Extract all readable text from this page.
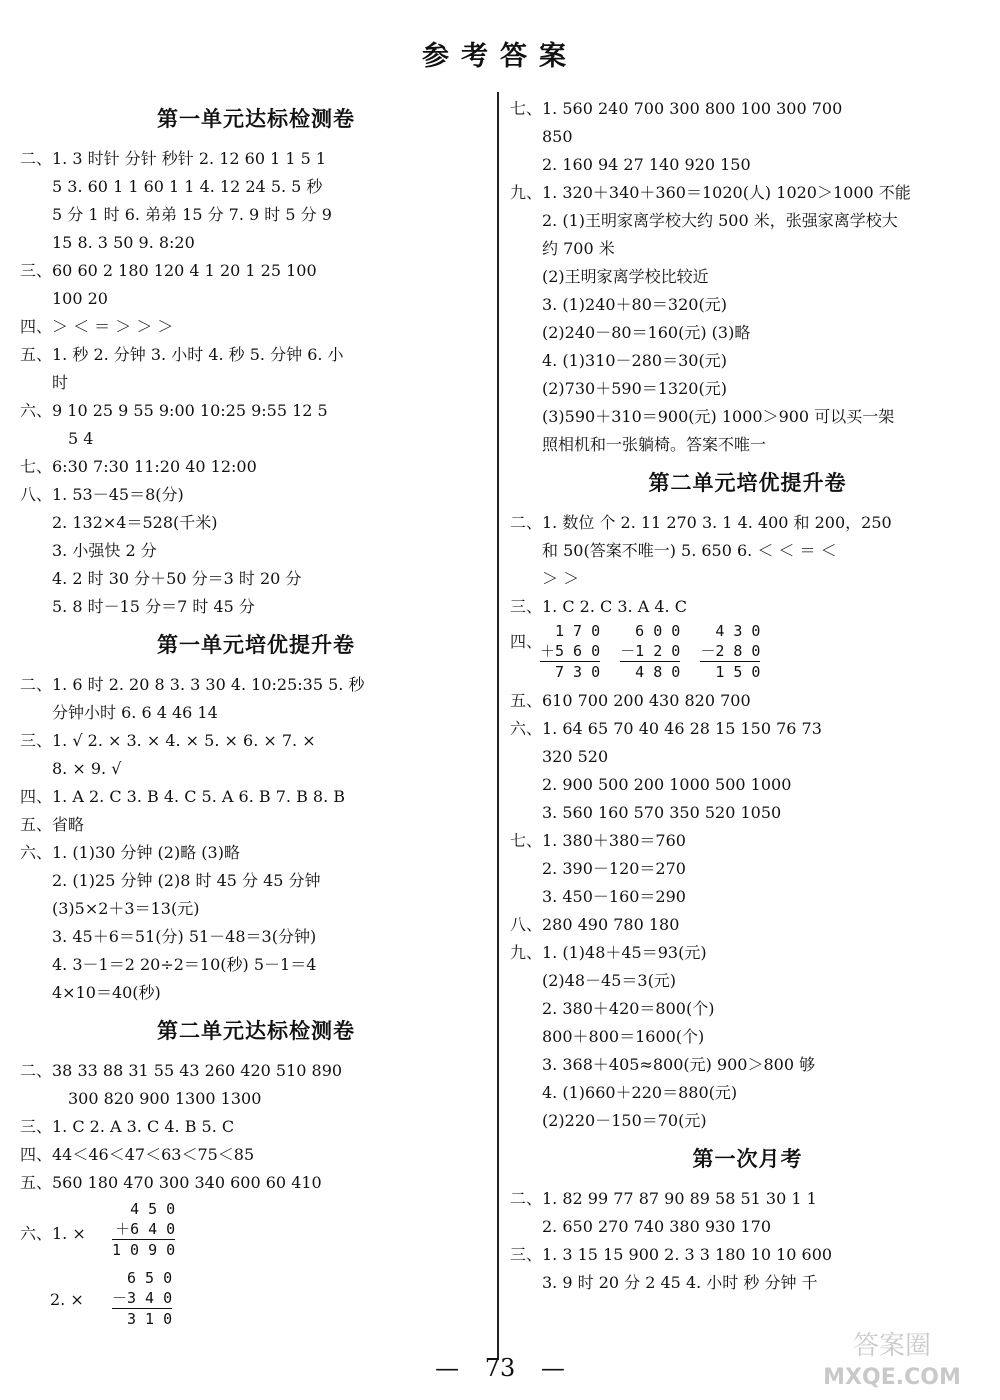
参考答案
第一单元达标检测卷
二、1. 3 时针 分针 秒针 2. 12 60 1 1 5 1
5 3. 60 1 1 60 1 1 4. 12 24 5. 5 秒
5 分 1 时 6. 弟弟 15 分 7. 9 时 5 分 9
15 8. 3 50 9. 8:20
三、60 60 2 180 120 4 1 20 1 25 100
100 20
四、＞ ＜ ＝ ＞ ＞ ＞
五、1. 秒 2. 分钟 3. 小时 4. 秒 5. 分钟 6. 小
时
六、9 10 25 9 55 9:00 10:25 9:55 12 5
5 4
七、6:30 7:30 11:20 40 12:00
八、1. 53－45＝8(分)
2. 132×4＝528(千米)
3. 小强快 2 分
4. 2 时 30 分＋50 分＝3 时 20 分
5. 8 时－15 分＝7 时 45 分
第一单元培优提升卷
二、1. 6 时 2. 20 8 3. 3 30 4. 10:25:35 5. 秒
分钟小时 6. 6 4 46 14
三、1. √ 2. × 3. × 4. × 5. × 6. × 7. ×
8. × 9. √
四、1. A 2. C 3. B 4. C 5. A 6. B 7. B 8. B
五、省略
六、1. (1)30 分钟 (2)略 (3)略
2. (1)25 分钟 (2)8 时 45 分 45 分钟
(3)5×2＋3＝13(元)
3. 45＋6＝51(分) 51－48＝3(分钟)
4. 3－1＝2 20÷2＝10(秒) 5－1＝4
4×10＝40(秒)
第二单元达标检测卷
二、38 33 88 31 55 43 260 420 510 890
300 820 900 1300 1300
三、1. C 2. A 3. C 4. B 5. C
四、44＜46＜47＜63＜75＜85
五、560 180 470 300 340 600 60 410
六、1. ×
4 5 0
＋6 4 0
1 0 9 0
2. ×
6 5 0
－3 4 0
3 1 0
七、1. 560 240 700 300 800 100 300 700
850
2. 160 94 27 140 920 150
九、1. 320＋340＋360＝1020(人) 1020＞1000 不能
2. (1)王明家离学校大约 500 米，张强家离学校大
约 700 米
(2)王明家离学校比较近
3. (1)240＋80＝320(元)
(2)240－80＝160(元) (3)略
4. (1)310－280＝30(元)
(2)730＋590＝1320(元)
(3)590＋310＝900(元) 1000＞900 可以买一架
照相机和一张躺椅。答案不唯一
第二单元培优提升卷
二、1. 数位 个 2. 11 270 3. 1 4. 400 和 200，250
和 50(答案不唯一) 5. 650 6. ＜ ＜ ＝ ＜
＞ ＞
三、1. C 2. C 3. A 4. C
四、
1 7 0
＋5 6 0
7 3 0
6 0 0
－1 2 0
4 8 0
4 3 0
－2 8 0
1 5 0
五、610 700 200 430 820 700
六、1. 64 65 70 40 46 28 15 150 76 73
320 520
2. 900 500 200 1000 500 1000
3. 560 160 570 350 520 1050
七、1. 380＋380＝760
2. 390－120＝270
3. 450－160＝290
八、280 490 780 180
九、1. (1)48＋45＝93(元)
(2)48－45＝3(元)
2. 380＋420＝800(个)
800＋800＝1600(个)
3. 368＋405≈800(元) 900＞800 够
4. (1)660＋220＝880(元)
(2)220－150＝70(元)
第一次月考
二、1. 82 99 77 87 90 89 58 51 30 1 1
2. 650 270 740 380 930 170
三、1. 3 15 15 900 2. 3 3 180 10 10 600
3. 9 时 20 分 2 45 4. 小时 秒 分钟 千
— 73 —
答案圈
MXQE.COM
